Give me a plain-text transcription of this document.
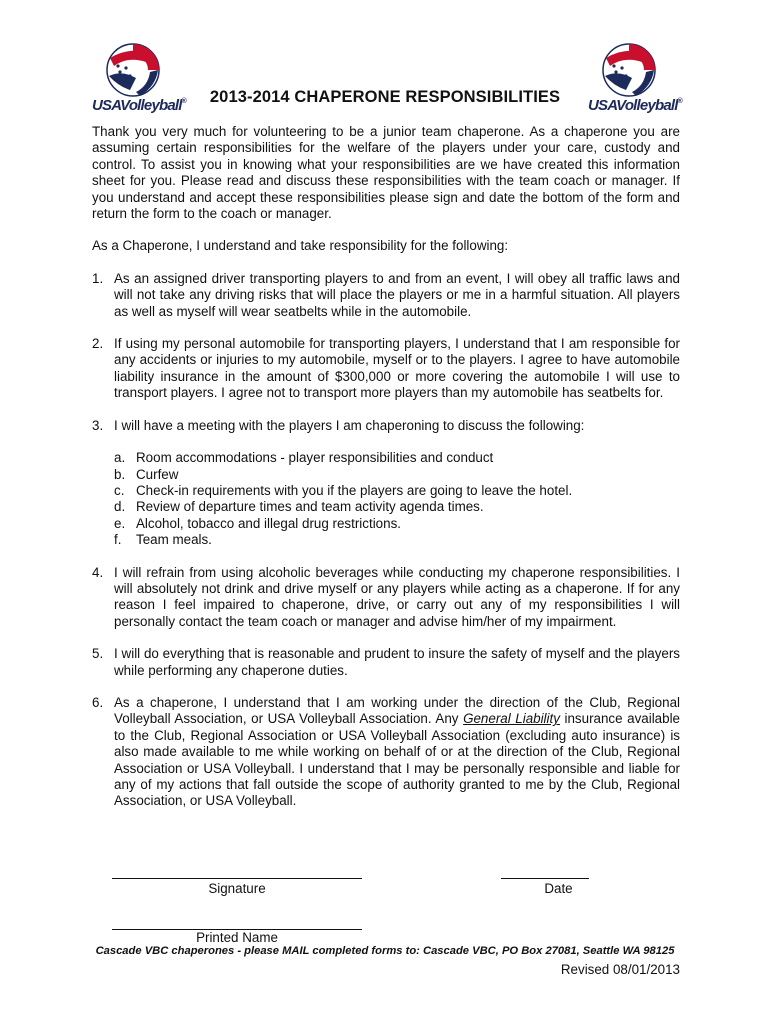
USAVolleyball®	USAVolleyball®
2013-2014 CHAPERONE RESPONSIBILITIES

Thank you very much for volunteering to be a junior team chaperone. As a chaperone you are assuming certain responsibilities for the welfare of the players under your care, custody and control. To assist you in knowing what your responsibilities are we have created this information sheet for you. Please read and discuss these responsibilities with the team coach or manager. If you understand and accept these responsibilities please sign and date the bottom of the form and return the form to the coach or manager.

As a Chaperone, I understand and take responsibility for the following:

1. As an assigned driver transporting players to and from an event, I will obey all traffic laws and will not take any driving risks that will place the players or me in a harmful situation. All players as well as myself will wear seatbelts while in the automobile.
2. If using my personal automobile for transporting players, I understand that I am responsible for any accidents or injuries to my automobile, myself or to the players. I agree to have automobile liability insurance in the amount of $300,000 or more covering the automobile I will use to transport players. I agree not to transport more players than my automobile has seatbelts for.
3. I will have a meeting with the players I am chaperoning to discuss the following:
a. Room accommodations - player responsibilities and conduct
b. Curfew
c. Check-in requirements with you if the players are going to leave the hotel.
d. Review of departure times and team activity agenda times.
e. Alcohol, tobacco and illegal drug restrictions.
f.	Team meals.
4. I will refrain from using alcoholic beverages while conducting my chaperone responsibilities. I will absolutely not drink and drive myself or any players while acting as a chaperone. If for any reason I feel impaired to chaperone, drive, or carry out any of my responsibilities I will personally contact the team coach or manager and advise him/her of my impairment.
5. I will do everything that is reasonable and prudent to insure the safety of myself and the players while performing any chaperone duties.
6. As a chaperone, I understand that I am working under the direction of the Club, Regional Volleyball Association, or USA Volleyball Association. Any General Liability insurance available to the Club, Regional Association or USA Volleyball Association (excluding auto insurance) is also made available to me while working on behalf of or at the direction of the Club, Regional Association or USA Volleyball. I understand that I may be personally responsible and liable for any of my actions that fall outside the scope of authority granted to me by the Club, Regional Association, or USA Volleyball.
Signature	Date
Printed Name
Cascade VBC chaperones - please MAIL completed forms to: Cascade VBC, PO Box 27081, Seattle WA 98125
Revised 08/01/2013
